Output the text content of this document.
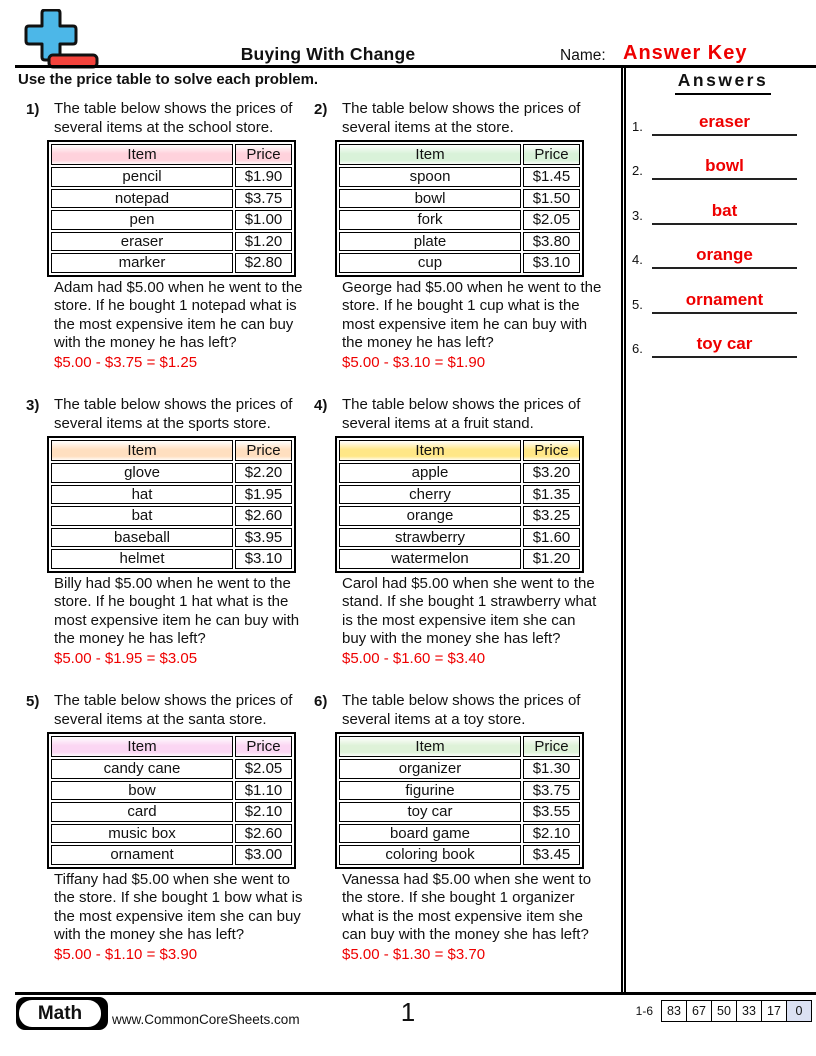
Buying With Change	Name: Answer Key
Use the price table to solve each problem.	Answers
1) The table below shows the prices of several items at the school store.
Item	Price
pencil	$1.90
notepad	$3.75
pen	$1.00
eraser	$1.20
marker	$2.80
Adam had $5.00 when he went to the store. If he bought 1 notepad what is the most expensive item he can buy with the money he has left?
$5.00 - $3.75 = $1.25
2) The table below shows the prices of several items at the store.
Item	Price
spoon	$1.45
bowl	$1.50
fork	$2.05
plate	$3.80
cup	$3.10
George had $5.00 when he went to the store. If he bought 1 cup what is the most expensive item he can buy with the money he has left?
$5.00 - $3.10 = $1.90
3) The table below shows the prices of several items at the sports store.
Item	Price
glove	$2.20
hat	$1.95
bat	$2.60
baseball	$3.95
helmet	$3.10
Billy had $5.00 when he went to the store. If he bought 1 hat what is the most expensive item he can buy with the money he has left?
$5.00 - $1.95 = $3.05
4) The table below shows the prices of several items at a fruit stand.
Item	Price
apple	$3.20
cherry	$1.35
orange	$3.25
strawberry	$1.60
watermelon	$1.20
Carol had $5.00 when she went to the stand. If she bought 1 strawberry what is the most expensive item she can buy with the money she has left?
$5.00 - $1.60 = $3.40
5) The table below shows the prices of several items at the santa store.
Item	Price
candy cane	$2.05
bow	$1.10
card	$2.10
music box	$2.60
ornament	$3.00
Tiffany had $5.00 when she went to the store. If she bought 1 bow what is the most expensive item she can buy with the money she has left?
$5.00 - $1.10 = $3.90
6) The table below shows the prices of several items at a toy store.
Item	Price
organizer	$1.30
figurine	$3.75
toy car	$3.55
board game	$2.10
coloring book	$3.45
Vanessa had $5.00 when she went to the store. If she bought 1 organizer what is the most expensive item she can buy with the money she has left?
$5.00 - $1.30 = $3.70
1.	eraser
2.	bowl
3.	bat
4.	orange
5.	ornament
6.	toy car
Math	www.CommonCoreSheets.com	1	1-6 83	67	50	33	17	0
